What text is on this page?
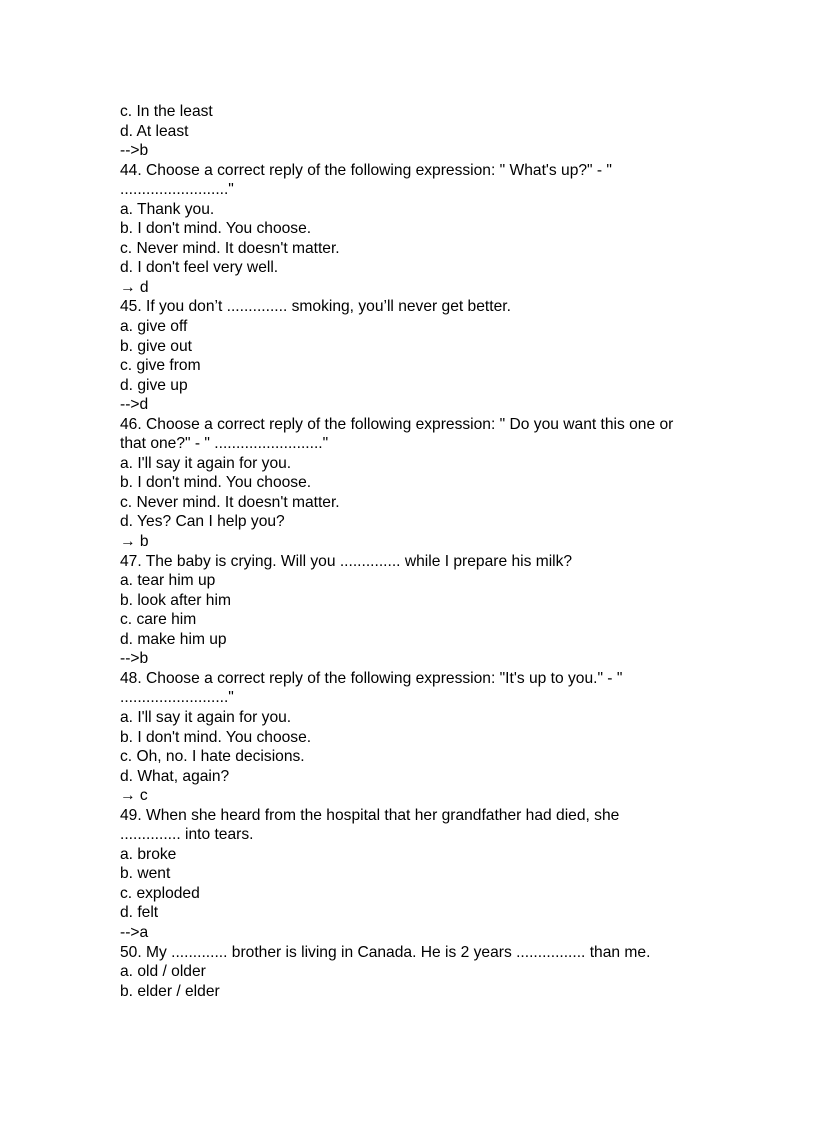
c. In the least
d. At least
-->b
44. Choose a correct reply of the following expression: " What's up?" - "
........................."
a. Thank you.
b. I don't mind. You choose.
c. Never mind. It doesn't matter.
d. I don't feel very well.
→ d
45. If you don’t .............. smoking, you’ll never get better.
a. give off
b. give out
c. give from
d. give up
-->d
46. Choose a correct reply of the following expression: " Do you want this one or
that one?" - " ........................."
a. I'll say it again for you.
b. I don't mind. You choose.
c. Never mind. It doesn't matter.
d. Yes? Can I help you?
→ b
47. The baby is crying. Will you .............. while I prepare his milk?
a. tear him up
b. look after him
c. care him
d. make him up
-->b
48. Choose a correct reply of the following expression: "It's up to you." - "
........................."
a. I'll say it again for you.
b. I don't mind. You choose.
c. Oh, no. I hate decisions.
d. What, again?
→ c
49. When she heard from the hospital that her grandfather had died, she
.............. into tears.
a. broke
b. went
c. exploded
d. felt
-->a
50. My ............. brother is living in Canada. He is 2 years ................ than me.
a. old / older
b. elder / elder
